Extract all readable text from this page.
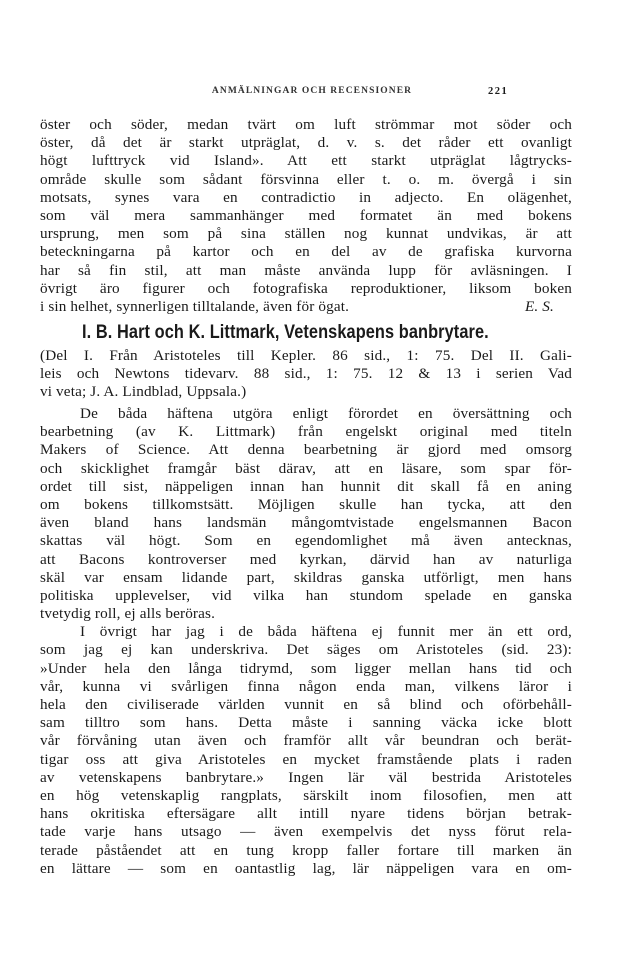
ANMÄLNINGAR OCH RECENSIONER	221
öster och söder, medan tvärt om luft strömmar mot söder och
öster, då det är starkt utpräglat, d. v. s. det råder ett ovanligt
högt lufttryck vid Island». Att ett starkt utpräglat lågtrycks-
område skulle som sådant försvinna eller t. o. m. övergå i sin
motsats, synes vara en contradictio in adjecto. En olägenhet,
som väl mera sammanhänger med formatet än med bokens
ursprung, men som på sina ställen nog kunnat undvikas, är att
beteckningarna på kartor och en del av de grafiska kurvorna
har så fin stil, att man måste använda lupp för avläsningen. I
övrigt äro figurer och fotografiska reproduktioner, liksom boken
i sin helhet, synnerligen tilltalande, även för ögat.	E. S.
I. B. Hart och K. Littmark, Vetenskapens banbrytare.
(Del I. Från Aristoteles till Kepler. 86 sid., 1: 75. Del II. Gali-
leis och Newtons tidevarv. 88 sid., 1: 75. 12 & 13 i serien Vad
vi veta; J. A. Lindblad, Uppsala.)
De båda häftena utgöra enligt förordet en översättning och
bearbetning (av K. Littmark) från engelskt original med titeln
Makers of Science. Att denna bearbetning är gjord med omsorg
och skicklighet framgår bäst därav, att en läsare, som spar för-
ordet till sist, näppeligen innan han hunnit dit skall få en aning
om bokens tillkomstsätt. Möjligen skulle han tycka, att den
även bland hans landsmän mångomtvistade engelsmannen Bacon
skattas väl högt. Som en egendomlighet må även antecknas,
att Bacons kontroverser med kyrkan, därvid han av naturliga
skäl var ensam lidande part, skildras ganska utförligt, men hans
politiska upplevelser, vid vilka han stundom spelade en ganska
tvetydig roll, ej alls beröras.
I övrigt har jag i de båda häftena ej funnit mer än ett ord,
som jag ej kan underskriva. Det säges om Aristoteles (sid. 23):
»Under hela den långa tidrymd, som ligger mellan hans tid och
vår, kunna vi svårligen finna någon enda man, vilkens läror i
hela den civiliserade världen vunnit en så blind och oförbehåll-
sam tilltro som hans. Detta måste i sanning väcka icke blott
vår förvåning utan även och framför allt vår beundran och berät-
tigar oss att giva Aristoteles en mycket framstående plats i raden
av vetenskapens banbrytare.» Ingen lär väl bestrida Aristoteles
en hög vetenskaplig rangplats, särskilt inom filosofien, men att
hans okritiska eftersägare allt intill nyare tidens början betrak-
tade varje hans utsago — även exempelvis det nyss förut rela-
terade påståendet att en tung kropp faller fortare till marken än
en lättare — som en oantastlig lag, lär näppeligen vara en om-
